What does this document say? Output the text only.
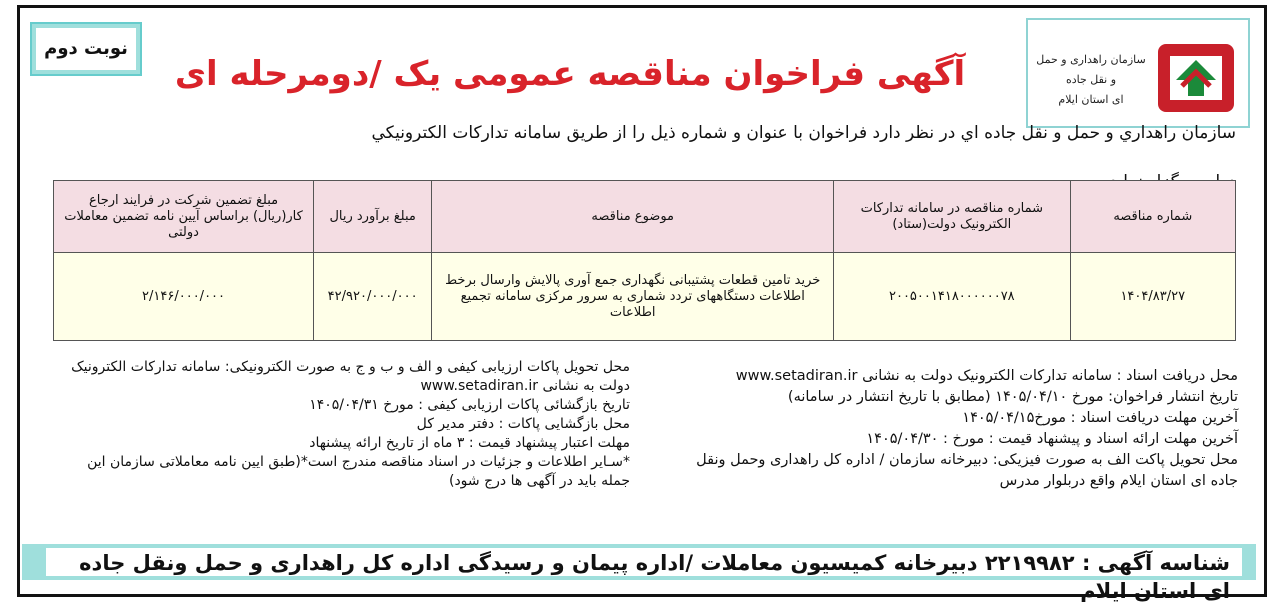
سازمان راهداری و حمل و نقل جاده
ای استان ایلام
نوبت دوم
آگهی فراخوان مناقصه عمومی یک /دومرحله ای
سازمان راهداري و حمل و نقل جاده اي در نظر دارد فراخوان با عنوان و شماره ذيل را از طريق سامانه تداركات الكترونيكي
شماره مناقصه	شماره مناقصه در سامانه تدارکات الکترونیک دولت(ستاد)	موضوع مناقصه	مبلغ برآورد ریال	مبلغ تضمین شرکت در فرایند ارجاع کار(ریال) براساس آیین نامه تضمین معاملات دولتی
۱۴۰۴/۸۳/۲۷	۲۰۰۵۰۰۱۴۱۸۰۰۰۰۰۰۷۸	خرید تامین قطعات پشتیبانی نگهداری جمع آوری پالایش وارسال برخط اطلاعات دستگاههای تردد شماری به سرور مرکزی سامانه تجمیع اطلاعات	۴۲/۹۲۰/۰۰۰/۰۰۰	۲/۱۴۶/۰۰۰/۰۰۰
محل دریافت اسناد : سامانه تدارکات الکترونیک دولت به نشانی www.setadiran.ir
تاریخ انتشار فراخوان: مورخ ۱۴۰۵/۰۴/۱۰ (مطابق با تاریخ انتشار در سامانه)
آخرین مهلت دریافت اسناد : مورخ۱۴۰۵/۰۴/۱۵
آخرین مهلت ارائه اسناد و پیشنهاد قیمت : مورخ : ۱۴۰۵/۰۴/۳۰
محل تحویل پاکت الف به صورت فیزیکی: دبیرخانه سازمان / اداره کل راهداری وحمل ونقل
جاده ای استان ایلام واقع دربلوار مدرس
محل تحویل پاکات ارزیابی کیفی و الف و ب و ج به صورت الکترونیکی: سامانه تدارکات الکترونیک
دولت به نشانی www.setadiran.ir
تاریخ بازگشائی پاکات ارزیابی کیفی : مورخ ۱۴۰۵/۰۴/۳۱
محل بازگشایی پاکات : دفتر مدیر کل
مهلت اعتبار پیشنهاد قیمت : ۳ ماه از تاریخ ارائه پیشنهاد
*سـایر اطلاعات و جزئیات در اسناد مناقصه مندرج است*(طبق ایین نامه معاملاتی سازمان این
جمله باید در آگهی ها درج شود)
شناسه آگهی : ۲۲۱۹۹۸۲ دبیرخانه کمیسیون معاملات /اداره پیمان و رسیدگی اداره کل راهداری و حمل ونقل جاده ای استان ایلام
